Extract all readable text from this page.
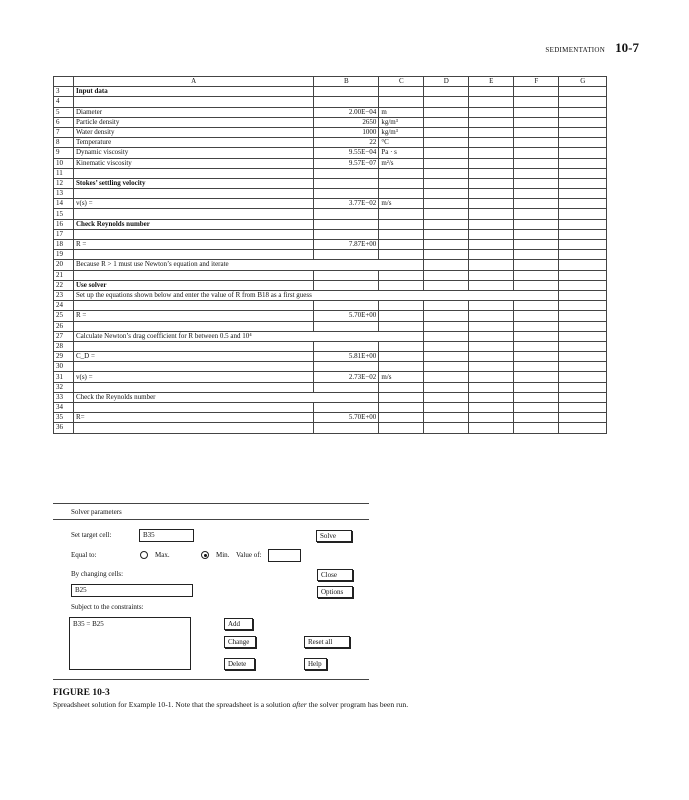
SEDIMENTATION 10-7
	A	B	C	D	E	F	G
3	Input data						
4							
5	Diameter	2.00E−04	m				
6	Particle density	2650	kg/m³				
7	Water density	1000	kg/m³				
8	Temperature	22	°C				
9	Dynamic viscosity	9.55E−04	Pa · s				
10	Kinematic viscosity	9.57E−07	m²/s				
11							
12	Stokes’ settling velocity						
13							
14	v(s) =	3.77E−02	m/s				
15							
16	Check Reynolds number						
17							
18	R =	7.87E+00					
19							
20	Because R > 1 must use Newton’s equation and iterate						
21							
22	Use solver						
23	Set up the equations shown below and enter the value of R from B18 as a first guess						
24							
25	R =	5.70E+00					
26							
27	Calculate Newton’s drag coefficient for R between 0.5 and 10⁴						
28							
29	C_D =	5.81E+00					
30							
31	v(s) =	2.73E−02	m/s				
32							
33	Check the Reynolds number						
34							
35	R=	5.70E+00					
36							
Solver parameters
Set target cell:	B35	Solve
Equal to:	Max.	Min. Value of:
By changing cells:	Close
B25	Options
Subject to the constraints:
B35 = B25	Add
Change	Reset all
Delete	Help
FIGURE 10-3
Spreadsheet solution for Example 10-1. Note that the spreadsheet is a solution after the solver program has been run.
